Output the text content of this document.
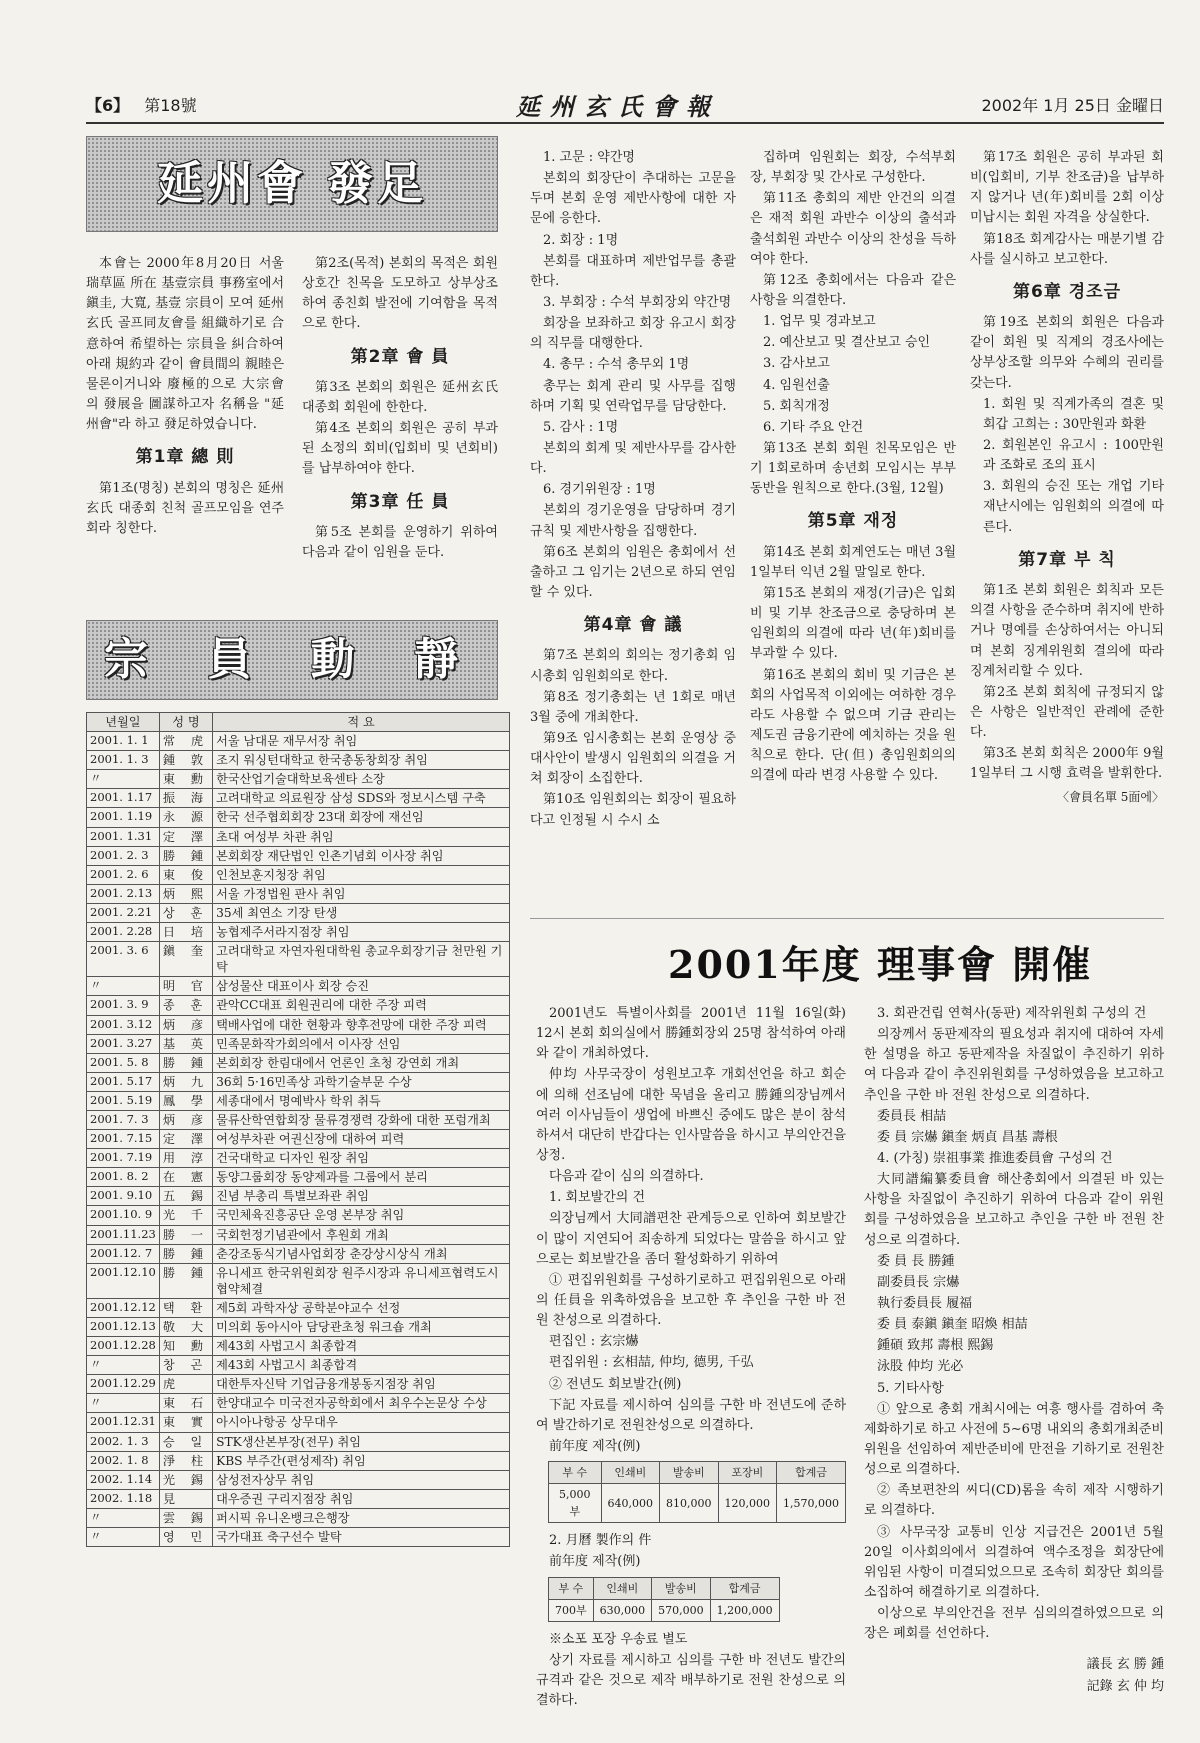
【6】 第18號	延州玄氏會報	2002年 1月 25日 金曜日
延州會 發足

本會는 2000年8月20日 서울 瑞草區 所在 基壹宗員 事務室에서 鎭圭, 大寬, 基壹 宗員이 모여 延州玄氏 골프同友會를 組織하기로 合意하여 希望하는 宗員을 糾合하여 아래 規約과 같이 會員間의 親睦은 물론이거니와 廢極的으로 大宗會의 發展을 圖謀하고자 名稱을 "延州會"라 하고 發足하였습니다.

第1章 總 則

第1조(명칭) 본회의 명칭은 延州玄氏 대종회 친척 골프모임을 연주회라 칭한다.

第2조(목적) 본회의 목적은 회원 상호간 친목을 도모하고 상부상조하여 종친회 발전에 기여함을 목적으로 한다.

第2章 會 員

第3조 본회의 회원은 延州玄氏 대종회 회원에 한한다.

第4조 본회의 회원은 공히 부과된 소정의 회비(입회비 및 년회비)를 납부하여야 한다.

第3章 任 員

第5조 본회를 운영하기 위하여 다음과 같이 임원을 둔다.

宗 員 動 靜
년월일	성 명	적 요
2001. 1. 1	常 虎	서울 남대문 재무서장 취임
2001. 1. 3	鍾 敦	조지 워싱턴대학교 한국총동창회장 취임
〃	東 勳	한국산업기술대학보육센타 소장
2001. 1.17	振 海	고려대학교 의료원장 삼성 SDS와 정보시스템 구축
2001. 1.19	永 源	한국 선주협회회장 23대 회장에 재선임
2001. 1.31	定 澤	초대 여성부 차관 취임
2001. 2. 3	勝 鍾	본회회장 재단법인 인촌기념회 이사장 취임
2001. 2. 6	東 俊	인천보훈지청장 취임
2001. 2.13	炳 熙	서울 가정법원 판사 취임
2001. 2.21	상 훈	35세 최연소 기장 탄생
2001. 2.28	日 培	농협제주서라지점장 취임
2001. 3. 6	鎭 奎	고려대학교 자연자원대학원 총교우회장기금 천만원 기탁
〃	明 官	삼성물산 대표이사 회장 승진
2001. 3. 9	종 훈	관악CC대표 회원권리에 대한 주장 피력
2001. 3.12	炳 彦	택배사업에 대한 현황과 향후전망에 대한 주장 피력
2001. 3.27	基 英	민족문화작가회의에서 이사장 선임
2001. 5. 8	勝 鍾	본회회장 한림대에서 언론인 초청 강연회 개최
2001. 5.17	炳 九	36회 5·16민족상 과학기술부문 수상
2001. 5.19	鳳 學	세종대에서 명예박사 학위 취득
2001. 7. 3	炳 彦	물류산학연합회장 물류경쟁력 강화에 대한 포럼개최
2001. 7.15	定 澤	여성부차관 여권신장에 대하여 피력
2001. 7.19	用 淳	건국대학교 디자인 원장 취임
2001. 8. 2	在 憲	동양그룹회장 동양제과를 그룹에서 분리
2001. 9.10	五 錫	진념 부총리 특별보좌관 취임
2001.10. 9	光 千	국민체육진흥공단 운영 본부장 취임
2001.11.23	勝 一	국회헌정기념관에서 후원회 개최
2001.12. 7	勝 鍾	춘강조동식기념사업회장 춘강상시상식 개최
2001.12.10	勝 鍾	유니세프 한국위원회장 원주시장과 유니세프협력도시 협약체결
2001.12.12	택 환	제5회 과학자상 공학분야교수 선정
2001.12.13	敬 大	미의회 동아시아 담당관초청 워크숍 개최
2001.12.28	知 勳	제43회 사법고시 최종합격
〃	창 곤	제43회 사법고시 최종합격
2001.12.29	虎	대한투자신탁 기업금융개봉동지점장 취임
〃	東 石	한양대교수 미국전자공학회에서 최우수논문상 수상
2001.12.31	東 實	아시아나항공 상무대우
2002. 1. 3	승 일	STK생산본부장(전무) 취임
2002. 1. 8	淨 柱	KBS 부주간(편성제작) 취임
2002. 1.14	光 錫	삼성전자상무 취임
2002. 1.18	見	대우증권 구리지점장 취임
〃	雲 錫	퍼시픽 유니온뱅크은행장
〃	영 민	국가대표 축구선수 발탁

1. 고문 : 약간명

본회의 회장단이 추대하는 고문을 두며 본회 운영 제반사항에 대한 자문에 응한다.

2. 회장 : 1명

본회를 대표하며 제반업무를 총괄한다.

3. 부회장 : 수석 부회장외 약간명

회장을 보좌하고 회장 유고시 회장의 직무를 대행한다.

4. 총무 : 수석 총무외 1명

총무는 회계 관리 및 사무를 집행하며 기획 및 연락업무를 담당한다.

5. 감사 : 1명

본회의 회계 및 제반사무를 감사한다.

6. 경기위원장 : 1명

본회의 경기운영을 담당하며 경기 규칙 및 제반사항을 집행한다.

第6조 본회의 임원은 총회에서 선출하고 그 임기는 2년으로 하되 연임할 수 있다.

第4章 會 議

第7조 본회의 회의는 정기총회 임시총회 임원회의로 한다.

第8조 정기총회는 년 1회로 매년 3월 중에 개최한다.

第9조 임시총회는 본회 운영상 중대사안이 발생시 임원회의 의결을 거쳐 회장이 소집한다.

第10조 임원회의는 회장이 필요하다고 인정될 시 수시 소

집하며 임원회는 회장, 수석부회장, 부회장 및 간사로 구성한다.

第11조 총회의 제반 안건의 의결은 재적 회원 과반수 이상의 출석과 출석회원 과반수 이상의 찬성을 득하여야 한다.

第12조 총회에서는 다음과 같은 사항을 의결한다.

1. 업무 및 경과보고

2. 예산보고 및 결산보고 승인

3. 감사보고

4. 임원선출

5. 회칙개정

6. 기타 주요 안건

第13조 본회 회원 친목모임은 반기 1회로하며 송년회 모임시는 부부동반을 원칙으로 한다.(3월, 12월)

第5章 재정

第14조 본회 회계연도는 매년 3월 1일부터 익년 2월 말일로 한다.

第15조 본회의 재정(기금)은 입회비 및 기부 찬조금으로 충당하며 본 임원회의 의결에 따라 년(年)회비를 부과할 수 있다.

第16조 본회의 회비 및 기금은 본회의 사업목적 이외에는 여하한 경우라도 사용할 수 없으며 기금 관리는 제도권 금융기관에 예치하는 것을 원칙으로 한다. 단(但) 총임원회의의 의결에 따라 변경 사용할 수 있다.

第17조 회원은 공히 부과된 회비(입회비, 기부 찬조금)을 납부하지 않거나 년(年)회비를 2회 이상 미납시는 회원 자격을 상실한다.

第18조 회계감사는 매분기별 감사를 실시하고 보고한다.

第6章 경조금

第19조 본회의 회원은 다음과 같이 회원 및 직계의 경조사에는 상부상조할 의무와 수혜의 권리를 갖는다.

1. 회원 및 직계가족의 결혼 및 회갑 고희는 : 30만원과 화환

2. 회원본인 유고시 : 100만원과 조화로 조의 표시

3. 회원의 승진 또는 개업 기타 재난시에는 임원회의 의결에 따른다.

第7章 부 칙

第1조 본회 회원은 회칙과 모든 의결 사항을 준수하며 취지에 반하거나 명예를 손상하여서는 아니되며 본회 징계위원회 결의에 따라 징계처리할 수 있다.

第2조 본회 회칙에 규정되지 않은 사항은 일반적인 관례에 준한다.

第3조 본회 회칙은 2000年 9월 1일부터 그 시행 효력을 발휘한다.

〈會員名單 5面에〉
2001年度 理事會 開催

2001년도 특별이사회를 2001년 11월 16일(화) 12시 본회 회의실에서 勝鍾회장외 25명 참석하여 아래와 같이 개최하였다.

仲均 사무국장이 성원보고후 개회선언을 하고 회순에 의해 선조님에 대한 묵념을 올리고 勝鍾의장님께서 여러 이사님들이 생업에 바쁘신 중에도 많은 분이 참석하셔서 대단히 반갑다는 인사말씀을 하시고 부의안건을 상정.

다음과 같이 심의 의결하다.

1. 회보발간의 건

의장님께서 大同譜편찬 관계등으로 인하여 회보발간이 많이 지연되어 죄송하게 되었다는 말씀을 하시고 앞으로는 회보발간을 좀더 활성화하기 위하여

① 편집위원회를 구성하기로하고 편집위원으로 아래의 任員을 위촉하였음을 보고한 후 추인을 구한 바 전원 찬성으로 의결하다.

편집인 : 玄宗爀

편집위원 : 玄相喆, 仲均, 德男, 千弘

② 전년도 회보발간(例)

下記 자료를 제시하여 심의를 구한 바 전년도에 준하여 발간하기로 전원찬성으로 의결하다.

前年度 제작(例)

부 수	인쇄비	발송비	포장비	합계금
5,000부	640,000	810,000	120,000	1,570,000

2. 月曆 製作의 件

前年度 제작(例)

부 수	인쇄비	발송비	합계금
700부	630,000	570,000	1,200,000

※소포 포장 우송료 별도

상기 자료를 제시하고 심의를 구한 바 전년도 발간의 규격과 같은 것으로 제작 배부하기로 전원 찬성으로 의결하다.

3. 회관건립 연혁사(동판) 제작위원회 구성의 건

의장께서 동판제작의 필요성과 취지에 대하여 자세한 설명을 하고 동판제작을 차질없이 추진하기 위하여 다음과 같이 추진위원회를 구성하였음을 보고하고 추인을 구한 바 전원 찬성으로 의결하다.

委員長 相喆

委 員 宗爀 鎭奎 炳貞 昌基 壽根

4. (가칭) 崇祖事業 推進委員會 구성의 건

大同譜編纂委員會 해산총회에서 의결된 바 있는 사항을 차질없이 추진하기 위하여 다음과 같이 위원회를 구성하였음을 보고하고 추인을 구한 바 전원 찬성으로 의결하다.

委 員 長 勝鍾

副委員長 宗爀

執行委員長 履福

委 員 泰鎭 鎭奎 昭煥 相喆

鍾碩 致邦 壽根 熙錫

泳股 仲均 光必

5. 기타사항

① 앞으로 총회 개최시에는 여흥 행사를 겸하여 축제화하기로 하고 사전에 5∼6명 내외의 총회개최준비위원을 선임하여 제반준비에 만전을 기하기로 전원찬성으로 의결하다.

② 족보편찬의 씨디(CD)롬을 속히 제작 시행하기로 의결하다.

③ 사무국장 교통비 인상 지급건은 2001년 5월 20일 이사회의에서 의결하여 액수조정을 회장단에 위임된 사항이 미결되었으므로 조속히 회장단 회의를 소집하여 해결하기로 의결하다.

이상으로 부의안건을 전부 심의의결하였으므로 의장은 폐회를 선언하다.

議長 玄 勝 鍾
記錄 玄 仲 均
